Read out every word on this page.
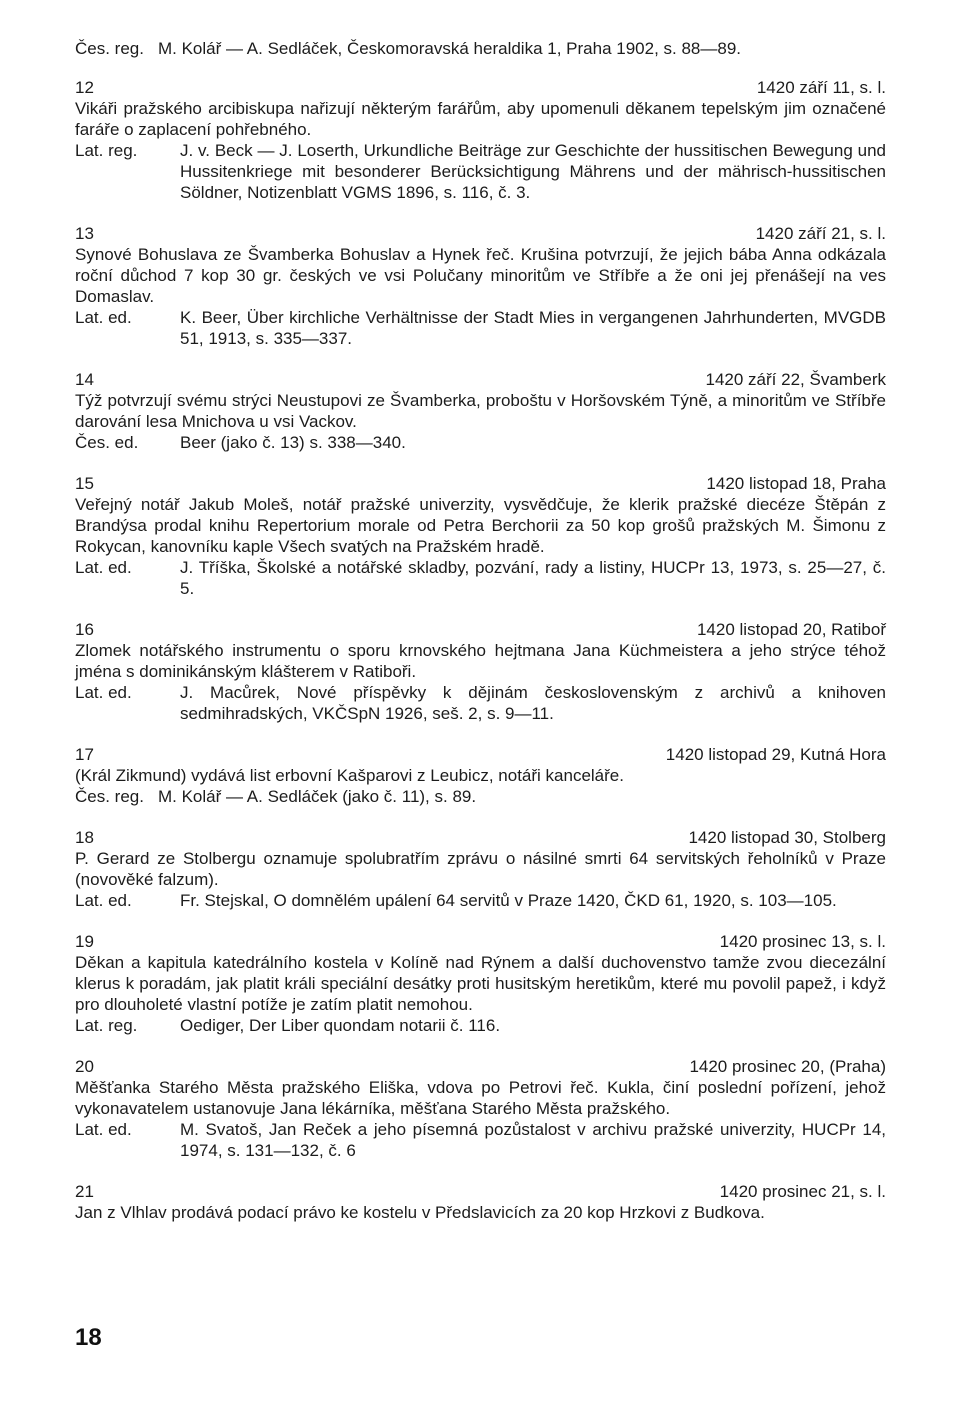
Čes. reg. M. Kolář — A. Sedláček, Českomoravská heraldika 1, Praha 1902, s. 88—89.
12	1420 září 11, s. l.
Vikáři pražského arcibiskupa nařizují některým farářům, aby upomenuli děkanem tepelským jim označené faráře o zaplacení pohřebného.
Lat. reg.	J. v. Beck — J. Loserth, Urkundliche Beiträge zur Geschichte der hussitischen Bewegung und Hussitenkriege mit besonderer Berücksichtigung Mährens und der mährisch-hussitischen Söldner, Notizenblatt VGMS 1896, s. 116, č. 3.
13	1420 září 21, s. l.
Synové Bohuslava ze Švamberka Bohuslav a Hynek řeč. Krušina potvrzují, že jejich bába Anna odkázala roční důchod 7 kop 30 gr. českých ve vsi Polučany minoritům ve Stříbře a že oni jej přenášejí na ves Domaslav.
Lat. ed.	K. Beer, Über kirchliche Verhältnisse der Stadt Mies in vergangenen Jahrhunderten, MVGDB 51, 1913, s. 335—337.
14	1420 září 22, Švamberk
Týž potvrzují svému strýci Neustupovi ze Švamberka, proboštu v Horšovském Týně, a minoritům ve Stříbře darování lesa Mnichova u vsi Vackov.
Čes. ed.	Beer (jako č. 13) s. 338—340.
15	1420 listopad 18, Praha
Veřejný notář Jakub Moleš, notář pražské univerzity, vysvědčuje, že klerik pražské diecéze Štěpán z Brandýsa prodal knihu Repertorium morale od Petra Berchorii za 50 kop grošů pražských M. Šimonu z Rokycan, kanovníku kaple Všech svatých na Pražském hradě.
Lat. ed.	J. Tříška, Školské a notářské skladby, pozvání, rady a listiny, HUCPr 13, 1973, s. 25—27, č. 5.
16	1420 listopad 20, Ratiboř
Zlomek notářského instrumentu o sporu krnovského hejtmana Jana Küchmeistera a jeho strýce téhož jména s dominikánským klášterem v Ratiboři.
Lat. ed.	J. Macůrek, Nové příspěvky k dějinám československým z archivů a knihoven sedmihradských, VKČSpN 1926, seš. 2, s. 9—11.
17	1420 listopad 29, Kutná Hora
(Král Zikmund) vydává list erbovní Kašparovi z Leubicz, notáři kanceláře.
Čes. reg. M. Kolář — A. Sedláček (jako č. 11), s. 89.
18	1420 listopad 30, Stolberg
P. Gerard ze Stolbergu oznamuje spolubratřím zprávu o násilné smrti 64 servitských řeholníků v Praze (novověké falzum).
Lat. ed.	Fr. Stejskal, O domnělém upálení 64 servitů v Praze 1420, ČKD 61, 1920, s. 103—105.
19	1420 prosinec 13, s. l.
Děkan a kapitula katedrálního kostela v Kolíně nad Rýnem a další duchovenstvo tamže zvou diecezální klerus k poradám, jak platit králi speciální desátky proti husitským heretikům, které mu povolil papež, i když pro dlouholeté vlastní potíže je zatím platit nemohou.
Lat. reg.	Oediger, Der Liber quondam notarii č. 116.
20	1420 prosinec 20, (Praha)
Měšťanka Starého Města pražského Eliška, vdova po Petrovi řeč. Kukla, činí poslední pořízení, jehož vykonavatelem ustanovuje Jana lékárníka, měšťana Starého Města pražského.
Lat. ed.	M. Svatoš, Jan Reček a jeho písemná pozůstalost v archivu pražské univerzity, HUCPr 14, 1974, s. 131—132, č. 6
21	1420 prosinec 21, s. l.
Jan z Vlhlav prodává podací právo ke kostelu v Předslavicích za 20 kop Hrzkovi z Budkova.
18
